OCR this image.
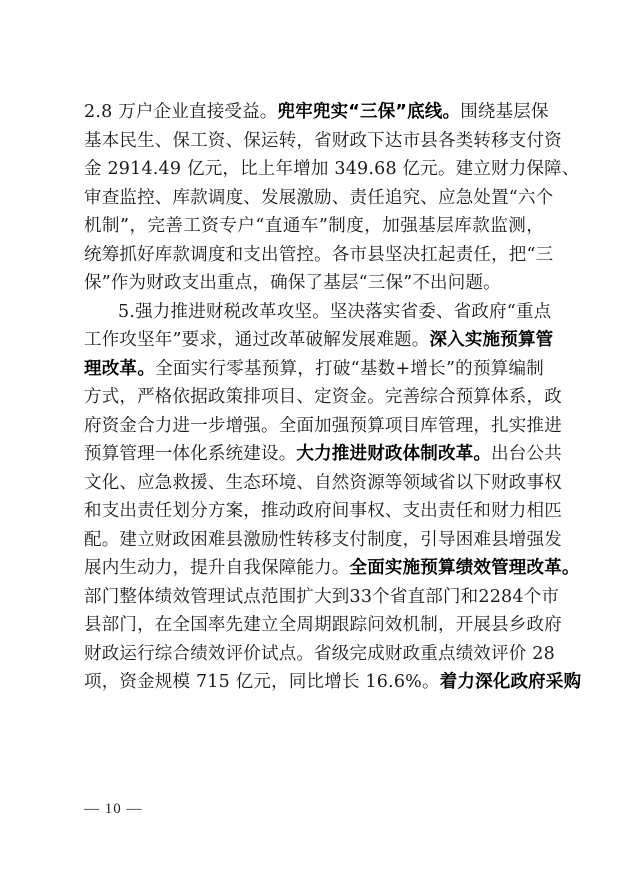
2.8 万户企业直接受益。兜牢兜实“三保”底线。围绕基层保
基本民生、保工资、保运转，省财政下达市县各类转移支付资
金 2914.49 亿元，比上年增加 349.68 亿元。建立财力保障、
审查监控、库款调度、发展激励、责任追究、应急处置“六个
机制”，完善工资专户“直通车”制度，加强基层库款监测，
统筹抓好库款调度和支出管控。各市县坚决扛起责任，把“三
保”作为财政支出重点，确保了基层“三保”不出问题。
5.强力推进财税改革攻坚。坚决落实省委、省政府“重点
工作攻坚年”要求，通过改革破解发展难题。深入实施预算管
理改革。全面实行零基预算，打破“基数+增长”的预算编制
方式，严格依据政策排项目、定资金。完善综合预算体系，政
府资金合力进一步增强。全面加强预算项目库管理，扎实推进
预算管理一体化系统建设。大力推进财政体制改革。出台公共
文化、应急救援、生态环境、自然资源等领域省以下财政事权
和支出责任划分方案，推动政府间事权、支出责任和财力相匹
配。建立财政困难县激励性转移支付制度，引导困难县增强发
展内生动力，提升自我保障能力。全面实施预算绩效管理改革。
部门整体绩效管理试点范围扩大到33个省直部门和2284个市
县部门，在全国率先建立全周期跟踪问效机制，开展县乡政府
财政运行综合绩效评价试点。省级完成财政重点绩效评价 28
项，资金规模 715 亿元，同比增长 16.6%。着力深化政府采购
— 10 —
